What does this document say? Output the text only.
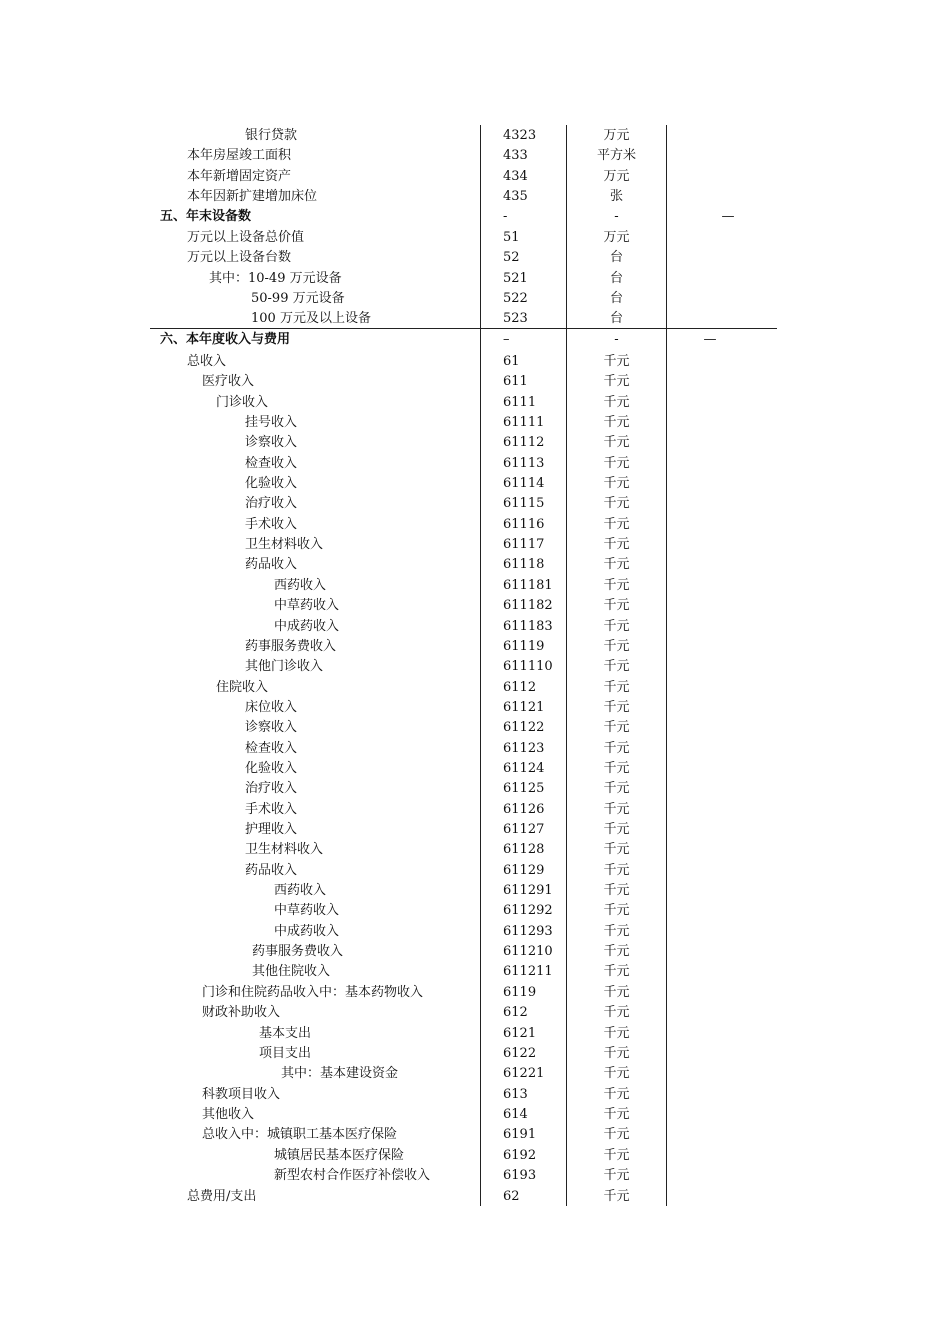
银行贷款	4323	万元
本年房屋竣工面积	433	平方米
本年新增固定资产	434	万元
本年因新扩建增加床位	435	张
五、年末设备数	-	-	—
万元以上设备总价值	51	万元
万元以上设备台数	52	台
其中：10-49 万元设备	521	台
50-99 万元设备	522	台
100 万元及以上设备	523	台
六、本年度收入与费用	–	-	—
总收入	61	千元
医疗收入	611	千元
门诊收入	6111	千元
挂号收入	61111	千元
诊察收入	61112	千元
检查收入	61113	千元
化验收入	61114	千元
治疗收入	61115	千元
手术收入	61116	千元
卫生材料收入	61117	千元
药品收入	61118	千元
西药收入	611181	千元
中草药收入	611182	千元
中成药收入	611183	千元
药事服务费收入	61119	千元
其他门诊收入	611110	千元
住院收入	6112	千元
床位收入	61121	千元
诊察收入	61122	千元
检查收入	61123	千元
化验收入	61124	千元
治疗收入	61125	千元
手术收入	61126	千元
护理收入	61127	千元
卫生材料收入	61128	千元
药品收入	61129	千元
西药收入	611291	千元
中草药收入	611292	千元
中成药收入	611293	千元
药事服务费收入	611210	千元
其他住院收入	611211	千元
门诊和住院药品收入中：基本药物收入	6119	千元
财政补助收入	612	千元
基本支出	6121	千元
项目支出	6122	千元
其中：基本建设资金	61221	千元
科教项目收入	613	千元
其他收入	614	千元
总收入中：城镇职工基本医疗保险	6191	千元
城镇居民基本医疗保险	6192	千元
新型农村合作医疗补偿收入	6193	千元
总费用/支出	62	千元
